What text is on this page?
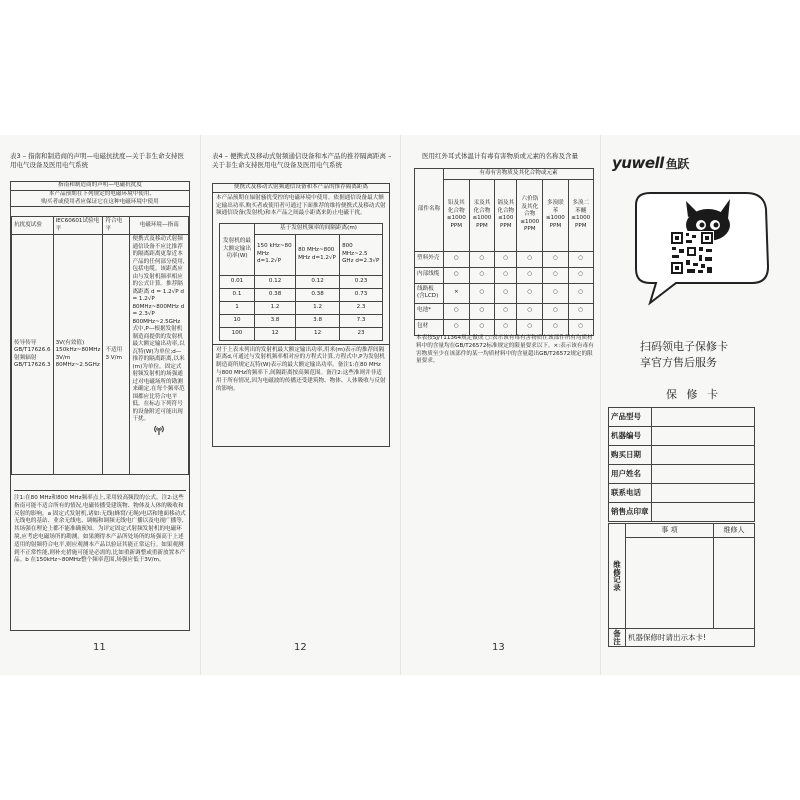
表3 – 指南和制造商的声明—电磁抗扰度—关于非生命支持医用电气设备及医用电气系统
指南和制造商的声明—电磁抗扰度
本产品预期在下列规定的电磁环境中使用,
购买者或使用者应保证它在这种电磁环境中使用
抗扰度试验	IEC60601试验电平	符合电平	电磁环境—指南
传导传导 GB/T17626.6 射频辐射 GB/T17626.3	3V(有效值) 150kHz~80MHz 3V/m 80MHz~2.5GHz	不适用 3 V/m	便携式及移动式射频通信设备不应比推荐的隔离距离更靠近本产品的任何部分使用,包括电缆。该距离应由与发射机频率相应的公式计算。推荐隔离距离 d = 1.2√P d = 1.2√P 80MHz~800MHz d = 2.3√P 800MHz~2.5GHz 式中,P—根据发射机制造商提供的发射机最大额定输出功率,以瓦特(W)为单位;d—推荐的隔离距离,以米(m)为单位。固定式射频发射机的场强通过对电磁场所的勘测来确定,在每个频率范围都应比符合电平低。在标志下列符号的设备附近可能出现干扰。
注1:在80 MHz和800 MHz频率点上,采用较高频段的公式。注2:这些指南可能不适合所有的情况,电磁传播受建筑物、物体及人体的吸收和反射的影响。a 固定式发射机,诸如:无线(蜂窝/无绳)电话和地面移动式无线电的基站、业余无线电、调幅和调频无线电广播以及电视广播等,其场强在理论上都不能准确预知。为评定固定式射频发射机的电磁环境,应考虑电磁场所的勘测。如果测得本产品所处场所的场强高于上述适用的射频符合电平,则应观测本产品以验证其能正常运行。如果观测到不正常性能,则补充措施可能是必需的,比如重新调整或重新放置本产品。b 在150kHz~80MHz整个频率范围,场强应低于3V/m。
11
表4 – 便携式及移动式射频通信设备和本产品的推荐隔离距离 – 关于非生命支持医用电气设备及医用电气系统
便携式及移动式射频通信设备和本产品的推荐隔离距离
本产品预期在辐射骚扰受控的电磁环境中使用。依据通信设备最大额定输出功率,购买者或使用者可通过下面推荐的维持便携式及移动式射频通信设备(发射机)和本产品之间最小距离来防止电磁干扰。
发射机的最大额定输出功率(W)	基于发射机频率的间隔距离(m)		
	150 kHz~80 MHz d=1.2√P	80 MHz~800 MHz d=1.2√P	800 MHz~2.5 GHz d=2.3√P
0.01	0.12	0.12	0.23
0.1	0.38	0.38	0.73
1	1.2	1.2	2.3
10	3.8	3.8	7.3
100	12	12	23
对于上表未列出的发射机最大额定输出功率,用米(m)表示的推荐间隔距离d,可通过与发射机频率相对应的方程式计算,方程式中,P为发射机制造商所规定瓦特(W)表示的最大额定输出功率。备注1:在80 MHz与800 MHz的频率下,间隔距离按高频范围。备注2:这些准则并非适用于所有情况,因为电磁波的传播还受建筑物、物体、人体吸收与反射的影响。
12
医用红外耳式体温计有毒有害物质或元素的名称及含量
部件名称	有毒有害物质及其化合物或元素					
	铅及其化合物 ≤1000 PPM	汞及其化合物 ≤1000 PPM	镉及其化合物 ≤100 PPM	六价铬及其化合物 ≤1000 PPM	多溴联苯 ≤1000 PPM	多溴二苯醚 ≤1000 PPM
塑料外壳	○	○	○	○	○	○
内部线缆	○	○	○	○	○	○
线路板(含LCD)	×	○	○	○	○	○
电池*	○	○	○	○	○	○
包材	○	○	○	○	○	○
本表按SJ/T11364规定做成 ○:表示该有毒有害物质在该部件所有均质材料中的含量均在GB/T26572标准规定的限量要求以下。×:表示该有毒有害物质至少在该部件的某一均质材料中的含量超出GB/T26572规定的限量要求。
13
yuwell 鱼跃
扫码领电子保修卡
享官方售后服务
保 修 卡
产品型号	
机器编号	
购买日期	
用户姓名	
联系电话	
销售点印章	
维 修 记 录	事 项	维修人

备注	机器保修时请出示本卡!	
